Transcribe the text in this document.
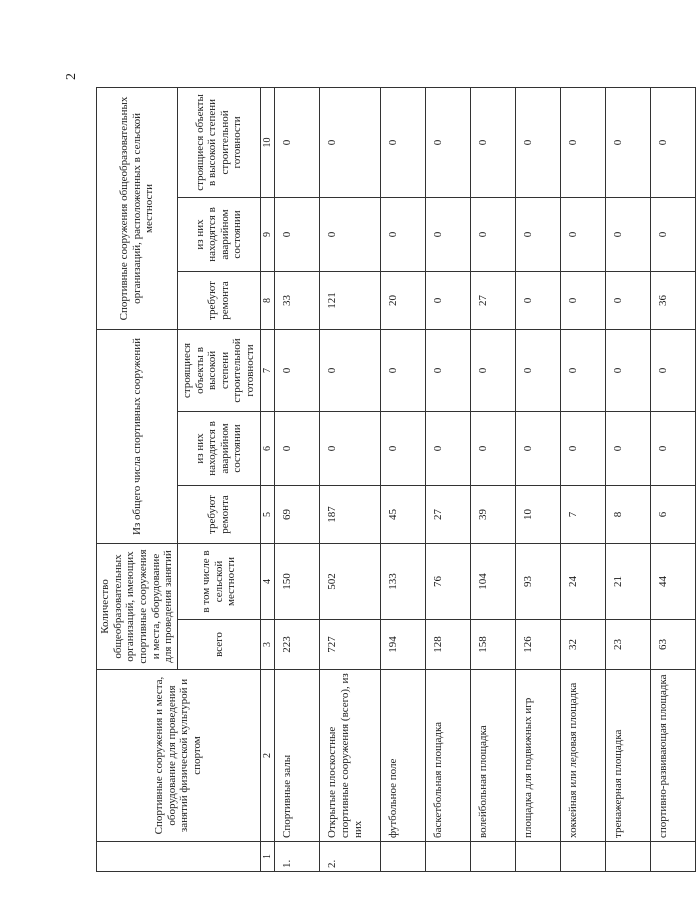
2
	Спортивные сооружения и места, оборудование для проведения занятий физической культурой и спортом	Количество общеобразовательных организаций, имеющих спортивные сооружения и места, оборудование для проведения занятий		Из общего числа спортивных сооружений			Спортивные сооружения общеобразовательных организаций, расположенных в сельской местности		
		всего	в том числе в сельской местности	требуют ремонта	из них находятся в аварийном состоянии	строящиеся объекты в высокой степени строительной готовности	требуют ремонта	из них находятся в аварийном состоянии	строящиеся объекты в высокой степени строительной готовности
1	2	3	4	5	6	7	8	9	10
1.	Спортивные залы	223	150	69	0	0	33	0	0
2.	Открытые плоскостные спортивные сооружения (всего), из них	727	502	187	0	0	121	0	0
	футбольное поле	194	133	45	0	0	20	0	0
	баскетбольная площадка	128	76	27	0	0	0	0	0
	волейбольная площадка	158	104	39	0	0	27	0	0
	площадка для подвижных игр	126	93	10	0	0	0	0	0
	хоккейная или ледовая площадка	32	24	7	0	0	0	0	0
	тренажерная площадка	23	21	8	0	0	0	0	0
	спортивно-развивающая площадка	63	44	6	0	0	36	0	0
